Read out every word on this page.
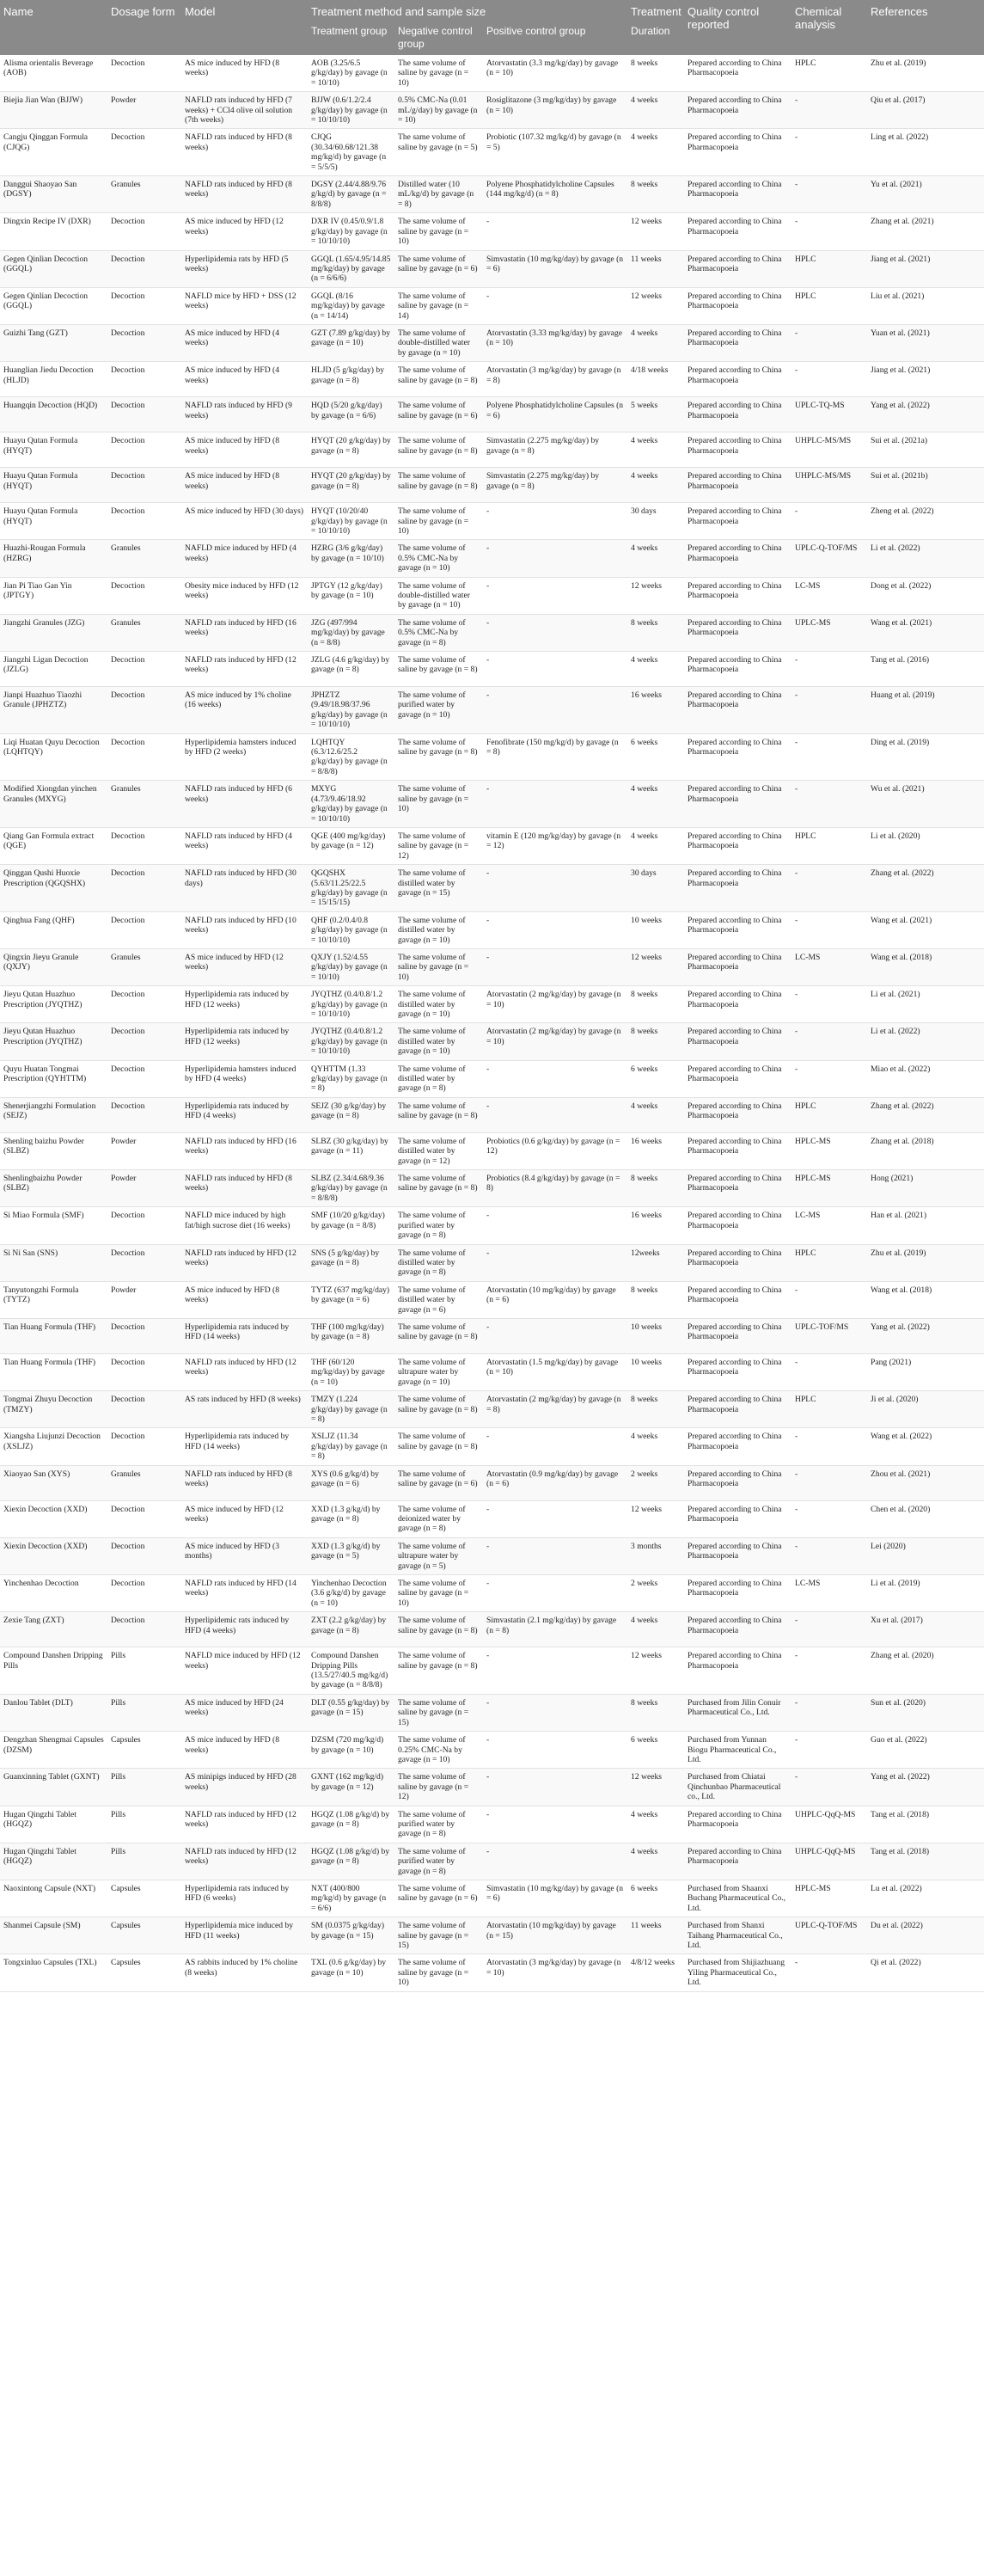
Name	Dosage form	Model	Treatment method and sample size			Treatment	Quality control reported	Chemical analysis	References
			Treatment group	Negative control group	Positive control group	Duration			
Alisma orientalis Beverage (AOB)	Decoction	AS mice induced by HFD (8 weeks)	AOB (3.25/6.5 g/kg/day) by gavage (n = 10/10)	The same volume of saline by gavage (n = 10)	Atorvastatin (3.3 mg/kg/day) by gavage (n = 10)	8 weeks	Prepared according to China Pharmacopoeia	HPLC	Zhu et al. (2019)
Biejia Jian Wan (BJJW)	Powder	NAFLD rats induced by HFD (7 weeks) + CCl4 olive oil solution (7th weeks)	BJJW (0.6/1.2/2.4 g/kg/day) by gavage (n = 10/10/10)	0.5% CMC-Na (0.01 mL/g/day) by gavage (n = 10)	Rosiglitazone (3 mg/kg/day) by gavage (n = 10)	4 weeks	Prepared according to China Pharmacopoeia	-	Qiu et al. (2017)
Cangju Qinggan Formula (CJQG)	Decoction	NAFLD rats induced by HFD (8 weeks)	CJQG (30.34/60.68/121.38 mg/kg/d) by gavage (n = 5/5/5)	The same volume of saline by gavage (n = 5)	Probiotic (107.32 mg/kg/d) by gavage (n = 5)	4 weeks	Prepared according to China Pharmacopoeia	-	Ling et al. (2022)
Danggui Shaoyao San (DGSY)	Granules	NAFLD rats induced by HFD (8 weeks)	DGSY (2.44/4.88/9.76 g/kg/d) by gavage (n = 8/8/8)	Distilled water (10 mL/kg/d) by gavage (n = 8)	Polyene Phosphatidylcholine Capsules (144 mg/kg/d) (n = 8)	8 weeks	Prepared according to China Pharmacopoeia	-	Yu et al. (2021)
Dingxin Recipe IV (DXR)	Decoction	AS mice induced by HFD (12 weeks)	DXR IV (0.45/0.9/1.8 g/kg/day) by gavage (n = 10/10/10)	The same volume of saline by gavage (n = 10)	-	12 weeks	Prepared according to China Pharmacopoeia	-	Zhang et al. (2021)
Gegen Qinlian Decoction (GGQL)	Decoction	Hyperlipidemia rats by HFD (5 weeks)	GGQL (1.65/4.95/14.85 mg/kg/day) by gavage (n = 6/6/6)	The same volume of saline by gavage (n = 6)	Simvastatin (10 mg/kg/day) by gavage (n = 6)	11 weeks	Prepared according to China Pharmacopoeia	HPLC	Jiang et al. (2021)
Gegen Qinlian Decoction (GGQL)	Decoction	NAFLD mice by HFD + DSS (12 weeks)	GGQL (8/16 mg/kg/day) by gavage (n = 14/14)	The same volume of saline by gavage (n = 14)	-	12 weeks	Prepared according to China Pharmacopoeia	HPLC	Liu et al. (2021)
Guizhi Tang (GZT)	Decoction	AS mice induced by HFD (4 weeks)	GZT (7.89 g/kg/day) by gavage (n = 10)	The same volume of double-distilled water by gavage (n = 10)	Atorvastatin (3.33 mg/kg/day) by gavage (n = 10)	4 weeks	Prepared according to China Pharmacopoeia	-	Yuan et al. (2021)
Huanglian Jiedu Decoction (HLJD)	Decoction	AS mice induced by HFD (4 weeks)	HLJD (5 g/kg/day) by gavage (n = 8)	The same volume of saline by gavage (n = 8)	Atorvastatin (3 mg/kg/day) by gavage (n = 8)	4/18 weeks	Prepared according to China Pharmacopoeia	-	Jiang et al. (2021)
Huangqin Decoction (HQD)	Decoction	NAFLD rats induced by HFD (9 weeks)	HQD (5/20 g/kg/day) by gavage (n = 6/6)	The same volume of saline by gavage (n = 6)	Polyene Phosphatidylcholine Capsules (n = 6)	5 weeks	Prepared according to China Pharmacopoeia	UPLC-TQ-MS	Yang et al. (2022)
Huayu Qutan Formula (HYQT)	Decoction	AS mice induced by HFD (8 weeks)	HYQT (20 g/kg/day) by gavage (n = 8)	The same volume of saline by gavage (n = 8)	Simvastatin (2.275 mg/kg/day) by gavage (n = 8)	4 weeks	Prepared according to China Pharmacopoeia	UHPLC-MS/MS	Sui et al. (2021a)
Huayu Qutan Formula (HYQT)	Decoction	AS mice induced by HFD (8 weeks)	HYQT (20 g/kg/day) by gavage (n = 8)	The same volume of saline by gavage (n = 8)	Simvastatin (2.275 mg/kg/day) by gavage (n = 8)	4 weeks	Prepared according to China Pharmacopoeia	UHPLC-MS/MS	Sui et al. (2021b)
Huayu Qutan Formula (HYQT)	Decoction	AS mice induced by HFD (30 days)	HYQT (10/20/40 g/kg/day) by gavage (n = 10/10/10)	The same volume of saline by gavage (n = 10)	-	30 days	Prepared according to China Pharmacopoeia	-	Zheng et al. (2022)
Huazhi-Rougan Formula (HZRG)	Granules	NAFLD mice induced by HFD (4 weeks)	HZRG (3/6 g/kg/day) by gavage (n = 10/10)	The same volume of 0.5% CMC-Na by gavage (n = 10)	-	4 weeks	Prepared according to China Pharmacopoeia	UPLC-Q-TOF/MS	Li et al. (2022)
Jian Pi Tiao Gan Yin (JPTGY)	Decoction	Obesity mice induced by HFD (12 weeks)	JPTGY (12 g/kg/day) by gavage (n = 10)	The same volume of double-distilled water by gavage (n = 10)	-	12 weeks	Prepared according to China Pharmacopoeia	LC-MS	Dong et al. (2022)
Jiangzhi Granules (JZG)	Granules	NAFLD rats induced by HFD (16 weeks)	JZG (497/994 mg/kg/day) by gavage (n = 8/8)	The same volume of 0.5% CMC-Na by gavage (n = 8)	-	8 weeks	Prepared according to China Pharmacopoeia	UPLC-MS	Wang et al. (2021)
Jiangzhi Ligan Decoction (JZLG)	Decoction	NAFLD rats induced by HFD (12 weeks)	JZLG (4.6 g/kg/day) by gavage (n = 8)	The same volume of saline by gavage (n = 8)	-	4 weeks	Prepared according to China Pharmacopoeia	-	Tang et al. (2016)
Jianpi Huazhuo Tiaozhi Granule (JPHZTZ)	Decoction	AS mice induced by 1% choline (16 weeks)	JPHZTZ (9.49/18.98/37.96 g/kg/day) by gavage (n = 10/10/10)	The same volume of purified water by gavage (n = 10)	-	16 weeks	Prepared according to China Pharmacopoeia	-	Huang et al. (2019)
Liqi Huatan Quyu Decoction (LQHTQY)	Decoction	Hyperlipidemia hamsters induced by HFD (2 weeks)	LQHTQY (6.3/12.6/25.2 g/kg/day) by gavage (n = 8/8/8)	The same volume of saline by gavage (n = 8)	Fenofibrate (150 mg/kg/d) by gavage (n = 8)	6 weeks	Prepared according to China Pharmacopoeia	-	Ding et al. (2019)
Modified Xiongdan yinchen Granules (MXYG)	Granules	NAFLD rats induced by HFD (6 weeks)	MXYG (4.73/9.46/18.92 g/kg/day) by gavage (n = 10/10/10)	The same volume of saline by gavage (n = 10)	-	4 weeks	Prepared according to China Pharmacopoeia	-	Wu et al. (2021)
Qiang Gan Formula extract (QGE)	Decoction	NAFLD rats induced by HFD (4 weeks)	QGE (400 mg/kg/day) by gavage (n = 12)	The same volume of saline by gavage (n = 12)	vitamin E (120 mg/kg/day) by gavage (n = 12)	4 weeks	Prepared according to China Pharmacopoeia	HPLC	Li et al. (2020)
Qinggan Qushi Huoxie Prescription (QGQSHX)	Decoction	NAFLD rats induced by HFD (30 days)	QGQSHX (5.63/11.25/22.5 g/kg/day) by gavage (n = 15/15/15)	The same volume of distilled water by gavage (n = 15)	-	30 days	Prepared according to China Pharmacopoeia	-	Zhang et al. (2022)
Qinghua Fang (QHF)	Decoction	NAFLD rats induced by HFD (10 weeks)	QHF (0.2/0.4/0.8 g/kg/day) by gavage (n = 10/10/10)	The same volume of distilled water by gavage (n = 10)	-	10 weeks	Prepared according to China Pharmacopoeia	-	Wang et al. (2021)
Qingxin Jieyu Granule (QXJY)	Granules	AS mice induced by HFD (12 weeks)	QXJY (1.52/4.55 g/kg/day) by gavage (n = 10/10)	The same volume of saline by gavage (n = 10)	-	12 weeks	Prepared according to China Pharmacopoeia	LC-MS	Wang et al. (2018)
Jieyu Qutan Huazhuo Prescription (JYQTHZ)	Decoction	Hyperlipidemia rats induced by HFD (12 weeks)	JYQTHZ (0.4/0.8/1.2 g/kg/day) by gavage (n = 10/10/10)	The same volume of distilled water by gavage (n = 10)	Atorvastatin (2 mg/kg/day) by gavage (n = 10)	8 weeks	Prepared according to China Pharmacopoeia	-	Li et al. (2021)
Jieyu Qutan Huazhuo Prescription (JYQTHZ)	Decoction	Hyperlipidemia rats induced by HFD (12 weeks)	JYQTHZ (0.4/0.8/1.2 g/kg/day) by gavage (n = 10/10/10)	The same volume of distilled water by gavage (n = 10)	Atorvastatin (2 mg/kg/day) by gavage (n = 10)	8 weeks	Prepared according to China Pharmacopoeia	-	Li et al. (2022)
Quyu Huatan Tongmai Prescription (QYHTTM)	Decoction	Hyperlipidemia hamsters induced by HFD (4 weeks)	QYHTTM (1.33 g/kg/day) by gavage (n = 8)	The same volume of distilled water by gavage (n = 8)	-	6 weeks	Prepared according to China Pharmacopoeia	-	Miao et al. (2022)
Shenerjiangzhi Formulation (SEJZ)	Decoction	Hyperlipidemia rats induced by HFD (4 weeks)	SEJZ (30 g/kg/day) by gavage (n = 8)	The same volume of saline by gavage (n = 8)	-	4 weeks	Prepared according to China Pharmacopoeia	HPLC	Zhang et al. (2022)
Shenling baizhu Powder (SLBZ)	Powder	NAFLD rats induced by HFD (16 weeks)	SLBZ (30 g/kg/day) by gavage (n = 11)	The same volume of distilled water by gavage (n = 12)	Probiotics (0.6 g/kg/day) by gavage (n = 12)	16 weeks	Prepared according to China Pharmacopoeia	HPLC-MS	Zhang et al. (2018)
Shenlingbaizhu Powder (SLBZ)	Powder	NAFLD rats induced by HFD (8 weeks)	SLBZ (2.34/4.68/9.36 g/kg/day) by gavage (n = 8/8/8)	The same volume of saline by gavage (n = 8)	Probiotics (8.4 g/kg/day) by gavage (n = 8)	8 weeks	Prepared according to China Pharmacopoeia	HPLC-MS	Hong (2021)
Si Miao Formula (SMF)	Decoction	NAFLD mice induced by high fat/high sucrose diet (16 weeks)	SMF (10/20 g/kg/day) by gavage (n = 8/8)	The same volume of purified water by gavage (n = 8)	-	16 weeks	Prepared according to China Pharmacopoeia	LC-MS	Han et al. (2021)
Si Ni San (SNS)	Decoction	NAFLD rats induced by HFD (12 weeks)	SNS (5 g/kg/day) by gavage (n = 8)	The same volume of distilled water by gavage (n = 8)	-	12weeks	Prepared according to China Pharmacopoeia	HPLC	Zhu et al. (2019)
Tanyutongzhi Formula (TYTZ)	Powder	AS mice induced by HFD (8 weeks)	TYTZ (637 mg/kg/day) by gavage (n = 6)	The same volume of distilled water by gavage (n = 6)	Atorvastatin (10 mg/kg/day) by gavage (n = 6)	8 weeks	Prepared according to China Pharmacopoeia	-	Wang et al. (2018)
Tian Huang Formula (THF)	Decoction	Hyperlipidemia rats induced by HFD (14 weeks)	THF (100 mg/kg/day) by gavage (n = 8)	The same volume of saline by gavage (n = 8)	-	10 weeks	Prepared according to China Pharmacopoeia	UPLC-TOF/MS	Yang et al. (2022)
Tian Huang Formula (THF)	Decoction	NAFLD rats induced by HFD (12 weeks)	THF (60/120 mg/kg/day) by gavage (n = 10)	The same volume of ultrapure water by gavage (n = 10)	Atorvastatin (1.5 mg/kg/day) by gavage (n = 10)	10 weeks	Prepared according to China Pharmacopoeia	-	Pang (2021)
Tongmai Zhuyu Decoction (TMZY)	Decoction	AS rats induced by HFD (8 weeks)	TMZY (1.224 g/kg/day) by gavage (n = 8)	The same volume of saline by gavage (n = 8)	Atorvastatin (2 mg/kg/day) by gavage (n = 8)	8 weeks	Prepared according to China Pharmacopoeia	HPLC	Ji et al. (2020)
Xiangsha Liujunzi Decoction (XSLJZ)	Decoction	Hyperlipidemia rats induced by HFD (14 weeks)	XSLJZ (11.34 g/kg/day) by gavage (n = 8)	The same volume of saline by gavage (n = 8)	-	4 weeks	Prepared according to China Pharmacopoeia	-	Wang et al. (2022)
Xiaoyao San (XYS)	Granules	NAFLD rats induced by HFD (8 weeks)	XYS (0.6 g/kg/d) by gavage (n = 6)	The same volume of saline by gavage (n = 6)	Atorvastatin (0.9 mg/kg/day) by gavage (n = 6)	2 weeks	Prepared according to China Pharmacopoeia	-	Zhou et al. (2021)
Xiexin Decoction (XXD)	Decoction	AS mice induced by HFD (12 weeks)	XXD (1.3 g/kg/d) by gavage (n = 8)	The same volume of deionized water by gavage (n = 8)	-	12 weeks	Prepared according to China Pharmacopoeia	-	Chen et al. (2020)
Xiexin Decoction (XXD)	Decoction	AS mice induced by HFD (3 months)	XXD (1.3 g/kg/d) by gavage (n = 5)	The same volume of ultrapure water by gavage (n = 5)	-	3 months	Prepared according to China Pharmacopoeia	-	Lei (2020)
Yinchenhao Decoction	Decoction	NAFLD rats induced by HFD (14 weeks)	Yinchenhao Decoction (3.6 g/kg/d) by gavage (n = 10)	The same volume of saline by gavage (n = 10)	-	2 weeks	Prepared according to China Pharmacopoeia	LC-MS	Li et al. (2019)
Zexie Tang (ZXT)	Decoction	Hyperlipidemic rats induced by HFD (4 weeks)	ZXT (2.2 g/kg/day) by gavage (n = 8)	The same volume of saline by gavage (n = 8)	Simvastatin (2.1 mg/kg/day) by gavage (n = 8)	4 weeks	Prepared according to China Pharmacopoeia	-	Xu et al. (2017)
Compound Danshen Dripping Pills	Pills	NAFLD mice induced by HFD (12 weeks)	Compound Danshen Dripping Pills (13.5/27/40.5 mg/kg/d) by gavage (n = 8/8/8)	The same volume of saline by gavage (n = 8)	-	12 weeks	Prepared according to China Pharmacopoeia	-	Zhang et al. (2020)
Danlou Tablet (DLT)	Pills	AS mice induced by HFD (24 weeks)	DLT (0.55 g/kg/day) by gavage (n = 15)	The same volume of saline by gavage (n = 15)	-	8 weeks	Purchased from Jilin Conuir Pharmaceutical Co., Ltd.	-	Sun et al. (2020)
Dengzhan Shengmai Capsules (DZSM)	Capsules	AS mice induced by HFD (8 weeks)	DZSM (720 mg/kg/d) by gavage (n = 10)	The same volume of 0.25% CMC-Na by gavage (n = 10)	-	6 weeks	Purchased from Yunnan Biogu Pharmaceutical Co., Ltd.	-	Guo et al. (2022)
Guanxinning Tablet (GXNT)	Pills	AS minipigs induced by HFD (28 weeks)	GXNT (162 mg/kg/d) by gavage (n = 12)	The same volume of saline by gavage (n = 12)	-	12 weeks	Purchased from Chiatai Qinchunbao Pharmaceutical co., Ltd.	-	Yang et al. (2022)
Hugan Qingzhi Tablet (HGQZ)	Pills	NAFLD rats induced by HFD (12 weeks)	HGQZ (1.08 g/kg/d) by gavage (n = 8)	The same volume of purified water by gavage (n = 8)	-	4 weeks	Prepared according to China Pharmacopoeia	UHPLC-QqQ-MS	Tang et al. (2018)
Hugan Qingzhi Tablet (HGQZ)	Pills	NAFLD rats induced by HFD (12 weeks)	HGQZ (1.08 g/kg/d) by gavage (n = 8)	The same volume of purified water by gavage (n = 8)	-	4 weeks	Prepared according to China Pharmacopoeia	UHPLC-QqQ-MS	Tang et al. (2018)
Naoxintong Capsule (NXT)	Capsules	Hyperlipidemia rats induced by HFD (6 weeks)	NXT (400/800 mg/kg/d) by gavage (n = 6/6)	The same volume of saline by gavage (n = 6)	Simvastatin (10 mg/kg/day) by gavage (n = 6)	6 weeks	Purchased from Shaanxi Buchang Pharmaceutical Co., Ltd.	HPLC-MS	Lu et al. (2022)
Shanmei Capsule (SM)	Capsules	Hyperlipidemia mice induced by HFD (11 weeks)	SM (0.0375 g/kg/day) by gavage (n = 15)	The same volume of saline by gavage (n = 15)	Atorvastatin (10 mg/kg/day) by gavage (n = 15)	11 weeks	Purchased from Shanxi Taihang Pharmaceutical Co., Ltd.	UPLC-Q-TOF/MS	Du et al. (2022)
Tongxinluo Capsules (TXL)	Capsules	AS rabbits induced by 1% choline (8 weeks)	TXL (0.6 g/kg/day) by gavage (n = 10)	The same volume of saline by gavage (n = 10)	Atorvastatin (3 mg/kg/day) by gavage (n = 10)	4/8/12 weeks	Purchased from Shijiazhuang Yiling Pharmaceutical Co., Ltd.	-	Qi et al. (2022)
